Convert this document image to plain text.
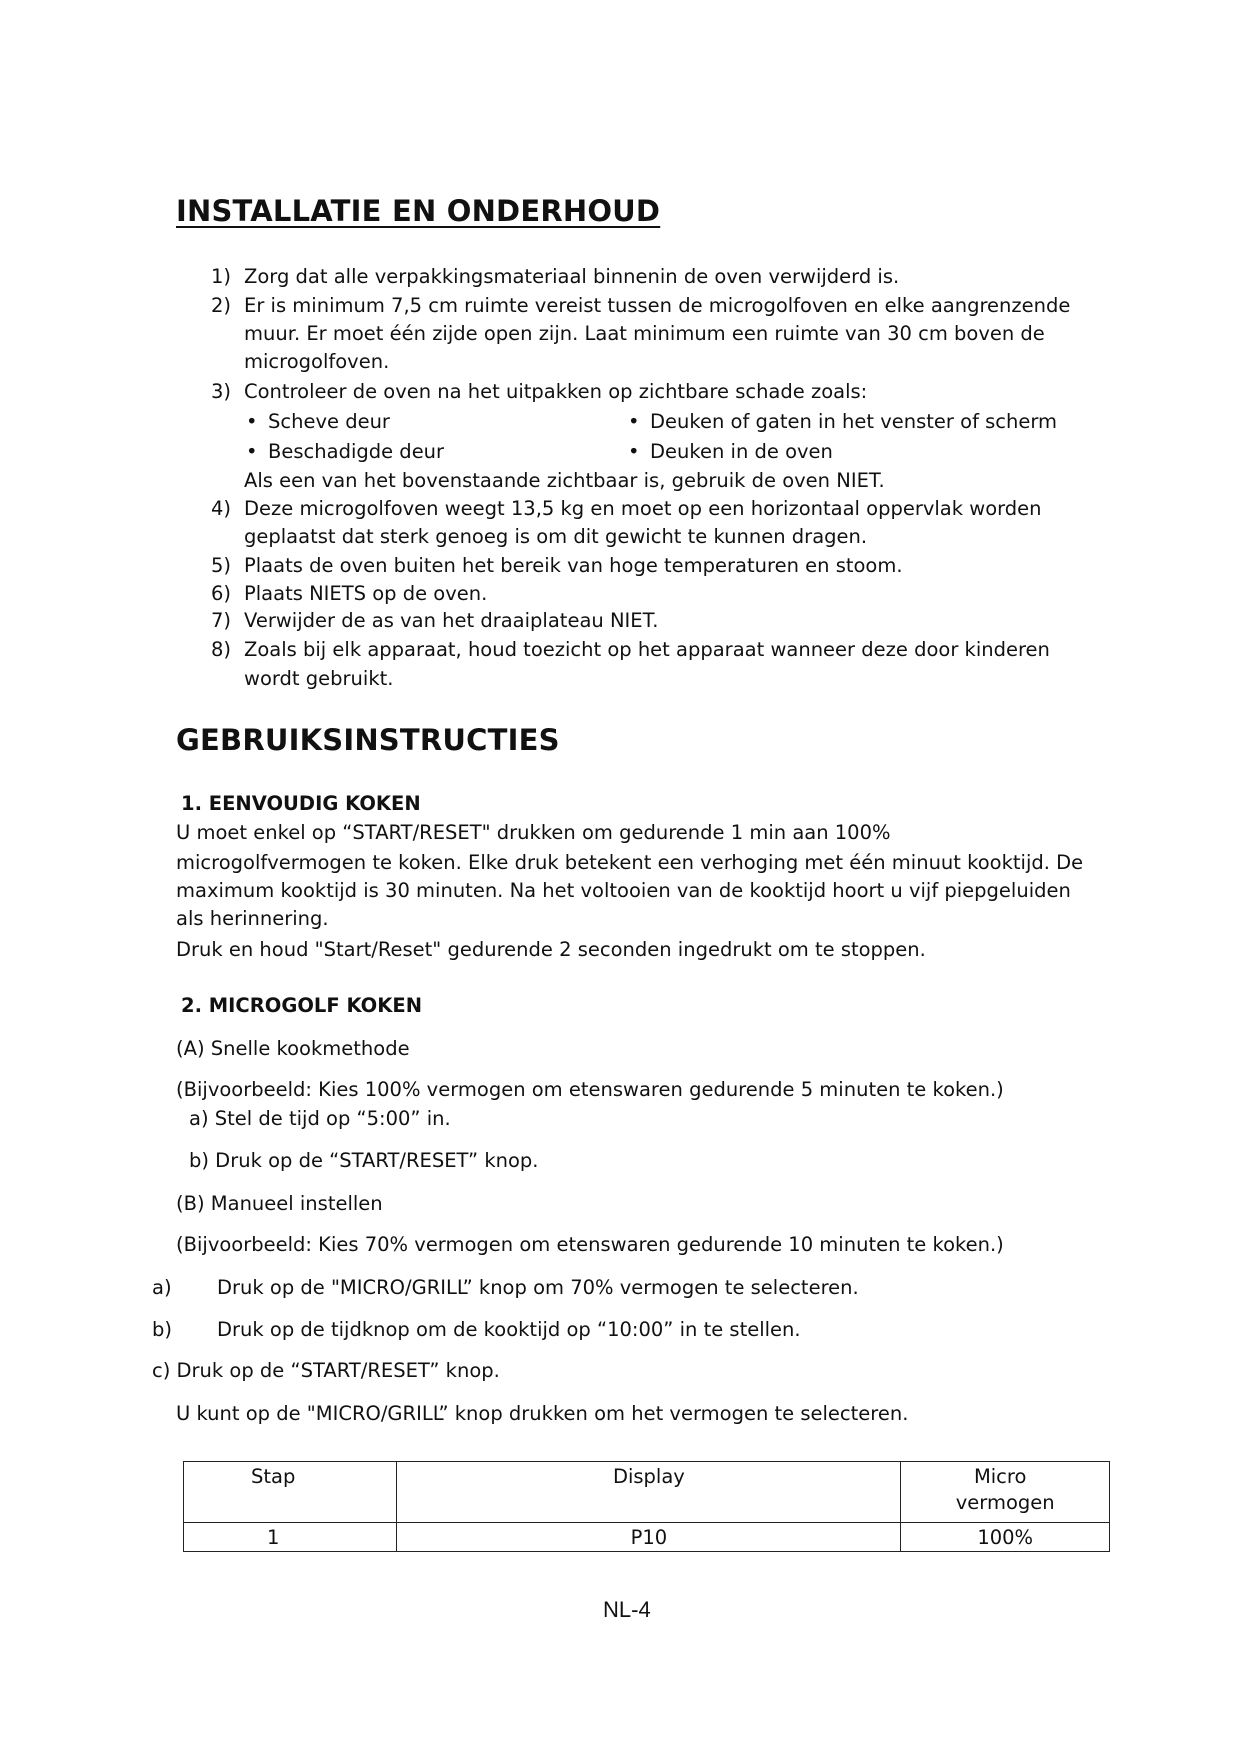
INSTALLATIE EN ONDERHOUD
1) Zorg dat alle verpakkingsmateriaal binnenin de oven verwijderd is.
2) Er is minimum 7,5 cm ruimte vereist tussen de microgolfoven en elke aangrenzende
muur. Er moet één zijde open zijn. Laat minimum een ruimte van 30 cm boven de
microgolfoven.
3) Controleer de oven na het uitpakken op zichtbare schade zoals:
• Scheve deur	• Deuken of gaten in het venster of scherm
• Beschadigde deur	• Deuken in de oven
Als een van het bovenstaande zichtbaar is, gebruik de oven NIET.
4) Deze microgolfoven weegt 13,5 kg en moet op een horizontaal oppervlak worden
geplaatst dat sterk genoeg is om dit gewicht te kunnen dragen.
5) Plaats de oven buiten het bereik van hoge temperaturen en stoom.
6) Plaats NIETS op de oven.
7) Verwijder de as van het draaiplateau NIET.
8) Zoals bij elk apparaat, houd toezicht op het apparaat wanneer deze door kinderen
wordt gebruikt.
GEBRUIKSINSTRUCTIES
1. EENVOUDIG KOKEN
U moet enkel op “START/RESET" drukken om gedurende 1 min aan 100%
microgolfvermogen te koken. Elke druk betekent een verhoging met één minuut kooktijd. De
maximum kooktijd is 30 minuten. Na het voltooien van de kooktijd hoort u vijf piepgeluiden
als herinnering.
Druk en houd "Start/Reset" gedurende 2 seconden ingedrukt om te stoppen.
2. MICROGOLF KOKEN
(A) Snelle kookmethode
(Bijvoorbeeld: Kies 100% vermogen om etenswaren gedurende 5 minuten te koken.)
a) Stel de tijd op “5:00” in.
b) Druk op de “START/RESET” knop.
(B) Manueel instellen
(Bijvoorbeeld: Kies 70% vermogen om etenswaren gedurende 10 minuten te koken.)
a) Druk op de "MICRO/GRILL” knop om 70% vermogen te selecteren.
b) Druk op de tijdknop om de kooktijd op “10:00” in te stellen.
c) Druk op de “START/RESET” knop.
U kunt op de "MICRO/GRILL” knop drukken om het vermogen te selecteren.
Stap	Display	Micro
vermogen

1	P10	100%
NL-4
